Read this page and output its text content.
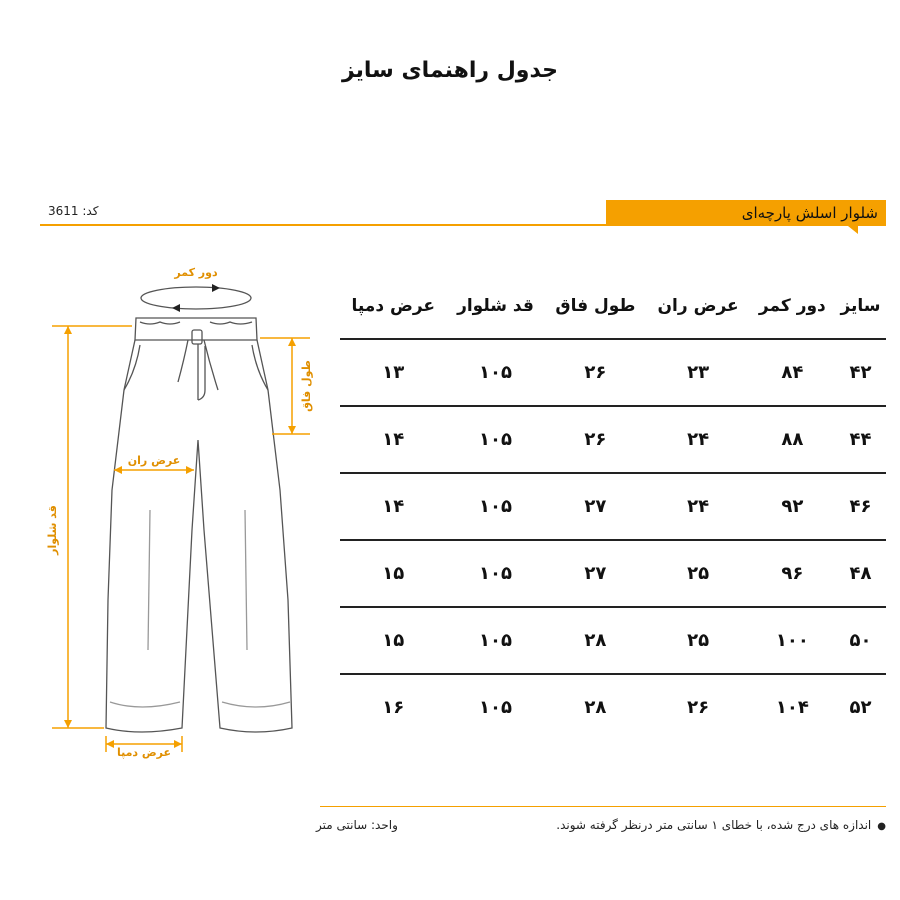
جدول راهنمای سایز
کد: 3611	شلوار اسلش پارچه‌ای
دور کمر
عرض ران
عرض دمپا
قد شلوار
طول فاق
سایز	دور کمر	عرض ران	طول فاق	قد شلوار	عرض دمپا
۴۲	۸۴	۲۳	۲۶	۱۰۵	۱۳
۴۴	۸۸	۲۴	۲۶	۱۰۵	۱۴
۴۶	۹۲	۲۴	۲۷	۱۰۵	۱۴
۴۸	۹۶	۲۵	۲۷	۱۰۵	۱۵
۵۰	۱۰۰	۲۵	۲۸	۱۰۵	۱۵
۵۲	۱۰۴	۲۶	۲۸	۱۰۵	۱۶
●اندازه های درج شده، با خطای ۱ سانتی متر درنظر گرفته شوند.
واحد: سانتی متر
